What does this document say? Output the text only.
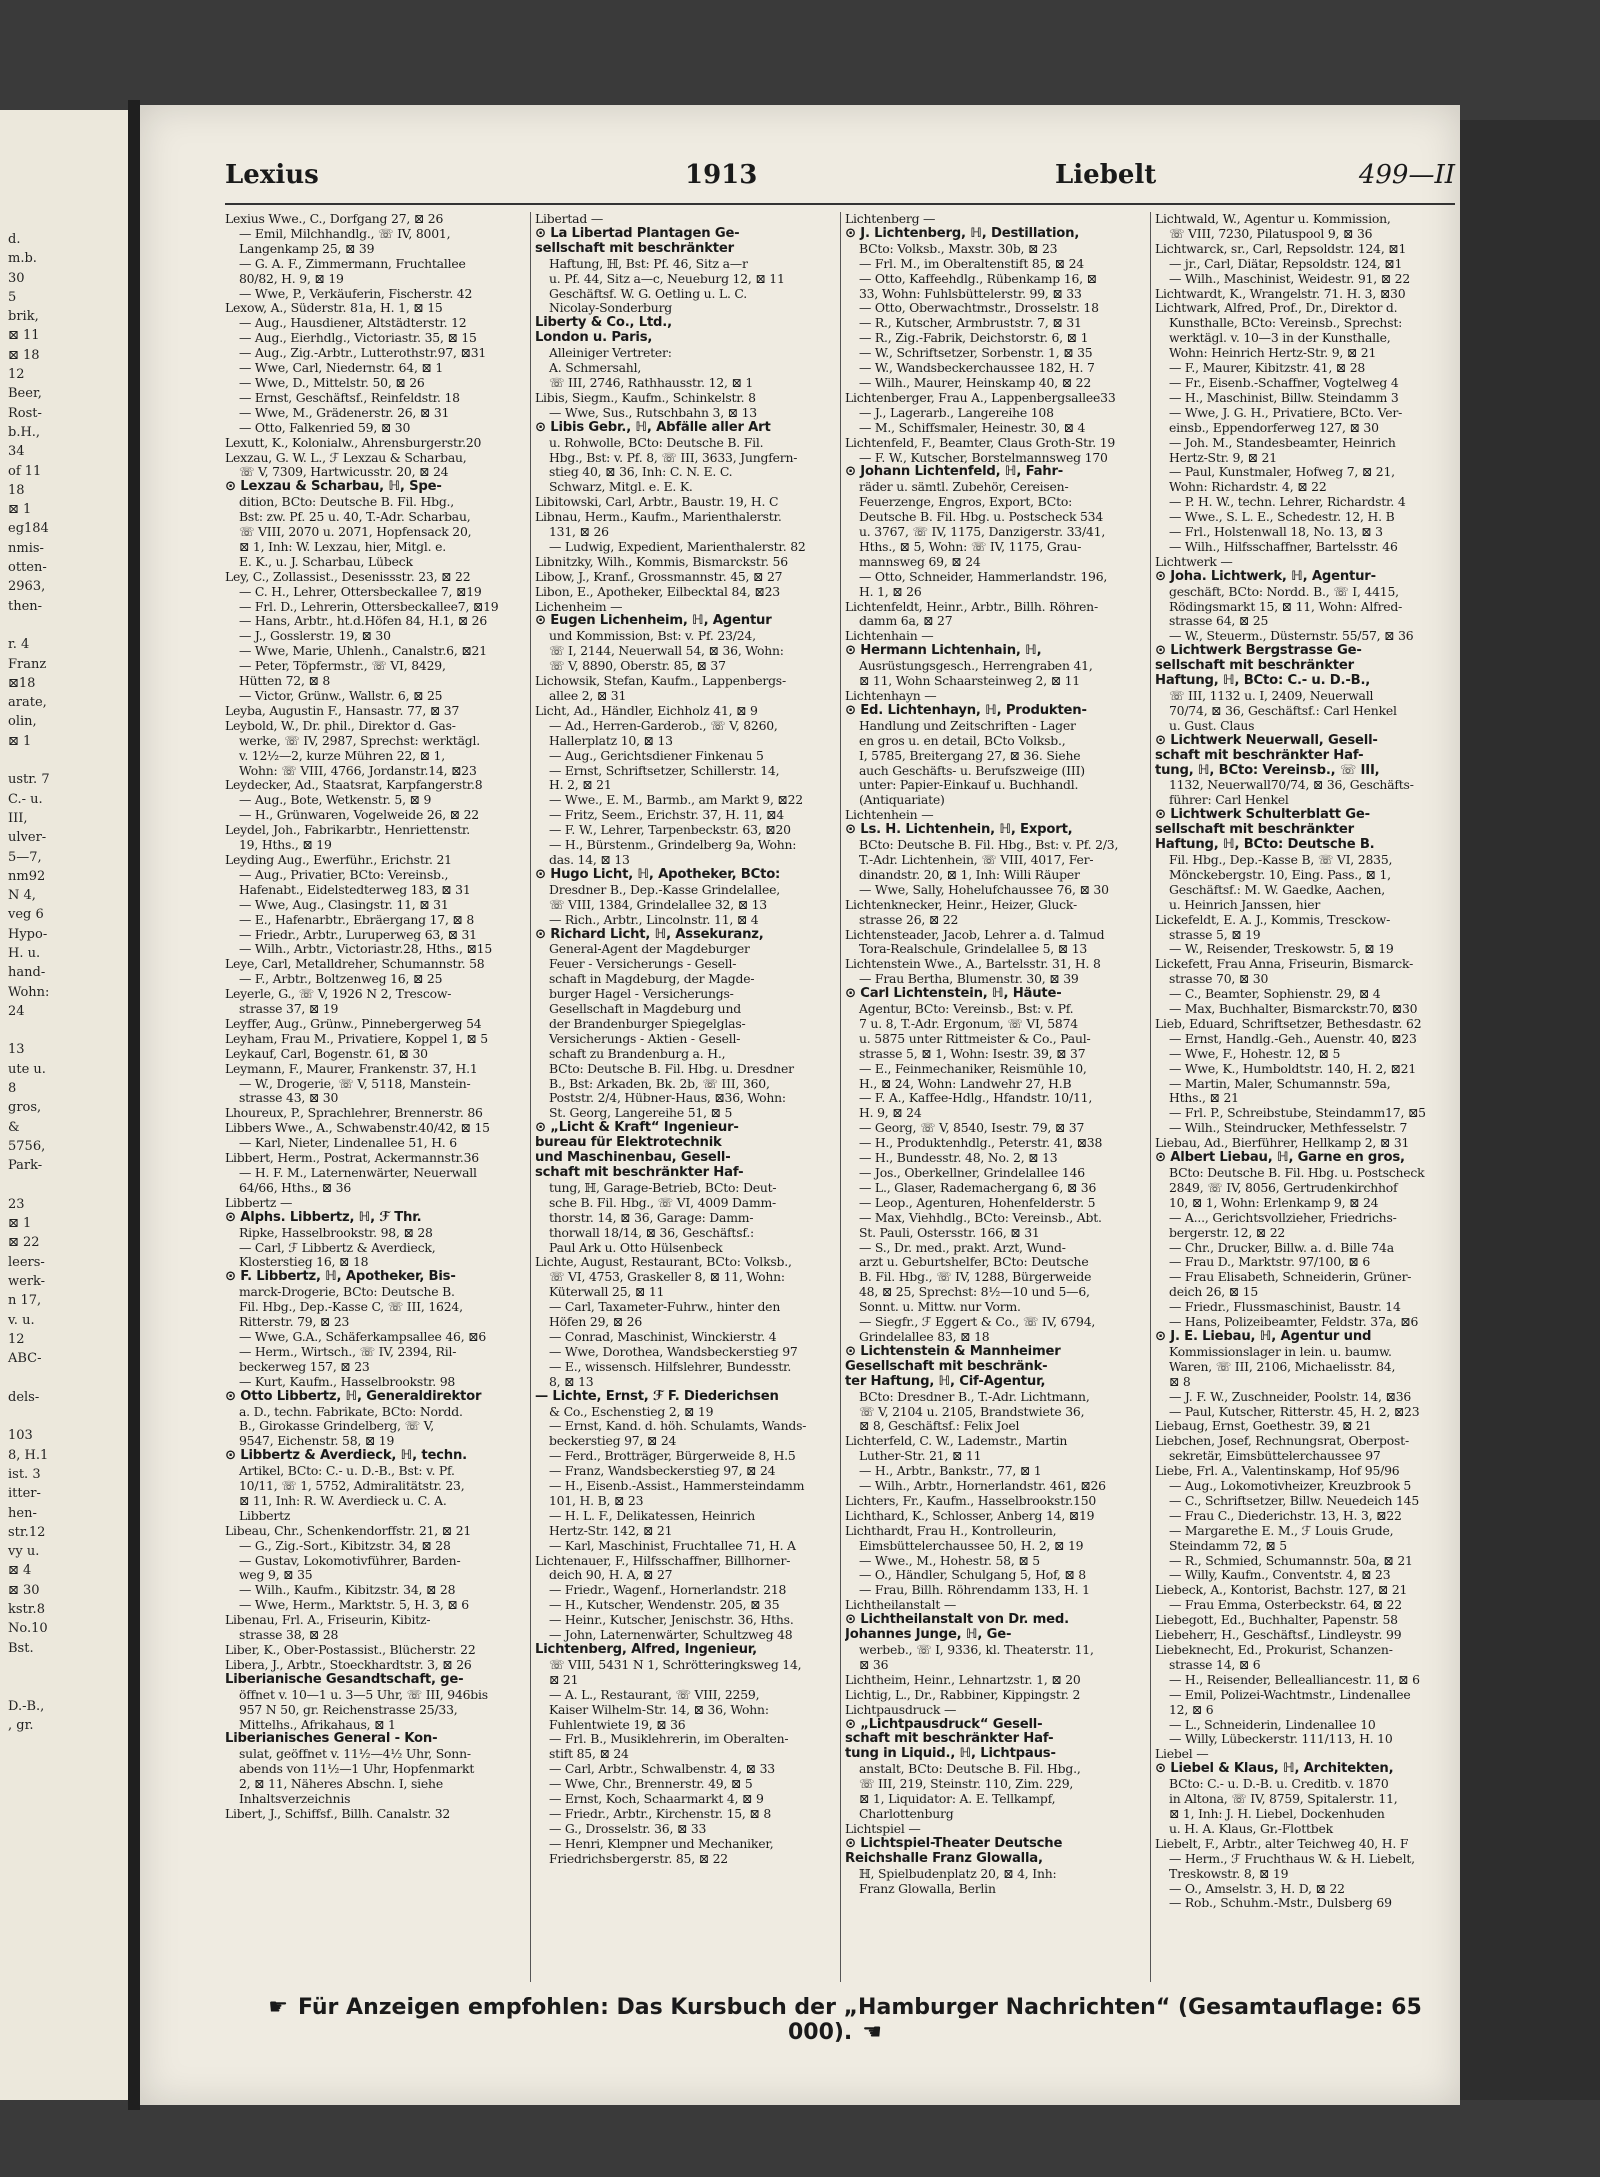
d.
m.b.
30
5
brik,
⊠ 11
⊠ 18
12
Beer,
Rost-
b.H.,
34
of 11
18
⊠ 1
eg184
nmis-
otten-
2963,
then-

r. 4
Franz
⊠18
arate,
olin,
⊠ 1

ustr. 7
C.- u.
III,
ulver-
5—7,
nm92
N 4,
veg 6
Hypo-
H. u.
hand-
Wohn:
24

13
ute u.
8
gros,
&
5756,
Park-

23
⊠ 1
⊠ 22
leers-
werk-
n 17,
v. u.
12
ABC-

dels-

103
8, H.1
ist. 3
itter-
hen-
str.12
vy u.
⊠ 4
⊠ 30
kstr.8
No.10
Bst.

D.-B.,
, gr.
Lexius	1913	Liebelt	499—II
Lexius Wwe., C., Dorfgang 27, ⊠ 26
— Emil, Milchhandlg., ☏ IV, 8001,
Langenkamp 25, ⊠ 39
— G. A. F., Zimmermann, Fruchtallee
80/82, H. 9, ⊠ 19
— Wwe, P., Verkäuferin, Fischerstr. 42
Lexow, A., Süderstr. 81a, H. 1, ⊠ 15
— Aug., Hausdiener, Altstädterstr. 12
— Aug., Eierhdlg., Victoriastr. 35, ⊠ 15
— Aug., Zig.-Arbtr., Lutterothstr.97, ⊠31
— Wwe, Carl, Niedernstr. 64, ⊠ 1
— Wwe, D., Mittelstr. 50, ⊠ 26
— Ernst, Geschäftsf., Reinfeldstr. 18
— Wwe, M., Grädenerstr. 26, ⊠ 31
— Otto, Falkenried 59, ⊠ 30
Lexutt, K., Kolonialw., Ahrensburgerstr.20
Lexzau, G. W. L., ℱ Lexzau & Scharbau,
☏ V, 7309, Hartwicusstr. 20, ⊠ 24
⊙ Lexzau & Scharbau, ℍ, Spe-
dition, BCto: Deutsche B. Fil. Hbg.,
Bst: zw. Pf. 25 u. 40, T.-Adr. Scharbau,
☏ VIII, 2070 u. 2071, Hopfensack 20,
⊠ 1, Inh: W. Lexzau, hier, Mitgl. e.
E. K., u. J. Scharbau, Lübeck
Ley, C., Zollassist., Desenissstr. 23, ⊠ 22
— C. H., Lehrer, Ottersbeckallee 7, ⊠19
— Frl. D., Lehrerin, Ottersbeckallee7, ⊠19
— Hans, Arbtr., ht.d.Höfen 84, H.1, ⊠ 26
— J., Gosslerstr. 19, ⊠ 30
— Wwe, Marie, Uhlenh., Canalstr.6, ⊠21
— Peter, Töpfermstr., ☏ VI, 8429,
Hütten 72, ⊠ 8
— Victor, Grünw., Wallstr. 6, ⊠ 25
Leyba, Augustin F., Hansastr. 77, ⊠ 37
Leybold, W., Dr. phil., Direktor d. Gas-
werke, ☏ IV, 2987, Sprechst: werktägl.
v. 12½—2, kurze Mühren 22, ⊠ 1,
Wohn: ☏ VIII, 4766, Jordanstr.14, ⊠23
Leydecker, Ad., Staatsrat, Karpfangerstr.8
— Aug., Bote, Wetkenstr. 5, ⊠ 9
— H., Grünwaren, Vogelweide 26, ⊠ 22
Leydel, Joh., Fabrikarbtr., Henriettenstr.
19, Hths., ⊠ 19
Leyding Aug., Ewerführ., Erichstr. 21
— Aug., Privatier, BCto: Vereinsb.,
Hafenabt., Eidelstedterweg 183, ⊠ 31
— Wwe, Aug., Clasingstr. 11, ⊠ 31
— E., Hafenarbtr., Ebräergang 17, ⊠ 8
— Friedr., Arbtr., Luruperweg 63, ⊠ 31
— Wilh., Arbtr., Victoriastr.28, Hths., ⊠15
Leye, Carl, Metalldreher, Schumannstr. 58
— F., Arbtr., Boltzenweg 16, ⊠ 25
Leyerle, G., ☏ V, 1926 N 2, Trescow-
strasse 37, ⊠ 19
Leyffer, Aug., Grünw., Pinnebergerweg 54
Leyham, Frau M., Privatiere, Koppel 1, ⊠ 5
Leykauf, Carl, Bogenstr. 61, ⊠ 30
Leymann, F., Maurer, Frankenstr. 37, H.1
— W., Drogerie, ☏ V, 5118, Manstein-
strasse 43, ⊠ 30
Lhoureux, P., Sprachlehrer, Brennerstr. 86
Libbers Wwe., A., Schwabenstr.40/42, ⊠ 15
— Karl, Nieter, Lindenallee 51, H. 6
Libbert, Herm., Postrat, Ackermannstr.36
— H. F. M., Laternenwärter, Neuerwall
64/66, Hths., ⊠ 36
Libbertz —
⊙ Alphs. Libbertz, ℍ, ℱ Thr.
Ripke, Hasselbrookstr. 98, ⊠ 28
— Carl, ℱ Libbertz & Averdieck,
Klosterstieg 16, ⊠ 18
⊙ F. Libbertz, ℍ, Apotheker, Bis-
marck-Drogerie, BCto: Deutsche B.
Fil. Hbg., Dep.-Kasse C, ☏ III, 1624,
Ritterstr. 79, ⊠ 23
— Wwe, G.A., Schäferkampsallee 46, ⊠6
— Herm., Wirtsch., ☏ IV, 2394, Ril-
beckerweg 157, ⊠ 23
— Kurt, Kaufm., Hasselbrookstr. 98
⊙ Otto Libbertz, ℍ, Generaldirektor
a. D., techn. Fabrikate, BCto: Nordd.
B., Girokasse Grindelberg, ☏ V,
9547, Eichenstr. 58, ⊠ 19
⊙ Libbertz & Averdieck, ℍ, techn.
Artikel, BCto: C.- u. D.-B., Bst: v. Pf.
10/11, ☏ 1, 5752, Admiralitätstr. 23,
⊠ 11, Inh: R. W. Averdieck u. C. A.
Libbertz
Libeau, Chr., Schenkendorffstr. 21, ⊠ 21
— G., Zig.-Sort., Kibitzstr. 34, ⊠ 28
— Gustav, Lokomotivführer, Barden-
weg 9, ⊠ 35
— Wilh., Kaufm., Kibitzstr. 34, ⊠ 28
— Wwe, Herm., Marktstr. 5, H. 3, ⊠ 6
Libenau, Frl. A., Friseurin, Kibitz-
strasse 38, ⊠ 28
Liber, K., Ober-Postassist., Blücherstr. 22
Libera, J., Arbtr., Stoeckhardtstr. 3, ⊠ 26
Liberianische Gesandtschaft, ge-
öffnet v. 10—1 u. 3—5 Uhr, ☏ III, 946bis
957 N 50, gr. Reichenstrasse 25/33,
Mittelhs., Afrikahaus, ⊠ 1
Liberianisches General - Kon-
sulat, geöffnet v. 11½—4½ Uhr, Sonn-
abends von 11½—1 Uhr, Hopfenmarkt
2, ⊠ 11, Näheres Abschn. I, siehe
Inhaltsverzeichnis
Libert, J., Schiffsf., Billh. Canalstr. 32
Libertad —
⊙ La Libertad Plantagen Ge-
sellschaft mit beschränkter
Haftung, ℍ, Bst: Pf. 46, Sitz a—r
u. Pf. 44, Sitz a—c, Neueburg 12, ⊠ 11
Geschäftsf. W. G. Oetling u. L. C.
Nicolay-Sonderburg
Liberty & Co., Ltd.,
London u. Paris,
Alleiniger Vertreter:
A. Schmersahl,
☏ III, 2746, Rathhausstr. 12, ⊠ 1
Libis, Siegm., Kaufm., Schinkelstr. 8
— Wwe, Sus., Rutschbahn 3, ⊠ 13
⊙ Libis Gebr., ℍ, Abfälle aller Art
u. Rohwolle, BCto: Deutsche B. Fil.
Hbg., Bst: v. Pf. 8, ☏ III, 3633, Jungfern-
stieg 40, ⊠ 36, Inh: C. N. E. C.
Schwarz, Mitgl. e. E. K.
Libitowski, Carl, Arbtr., Baustr. 19, H. C
Libnau, Herm., Kaufm., Marienthalerstr.
131, ⊠ 26
— Ludwig, Expedient, Marienthalerstr. 82
Libnitzky, Wilh., Kommis, Bismarckstr. 56
Libow, J., Kranf., Grossmannstr. 45, ⊠ 27
Libon, E., Apotheker, Eilbecktal 84, ⊠23
Lichenheim —
⊙ Eugen Lichenheim, ℍ, Agentur
und Kommission, Bst: v. Pf. 23/24,
☏ I, 2144, Neuerwall 54, ⊠ 36, Wohn:
☏ V, 8890, Oberstr. 85, ⊠ 37
Lichowsik, Stefan, Kaufm., Lappenbergs-
allee 2, ⊠ 31
Licht, Ad., Händler, Eichholz 41, ⊠ 9
— Ad., Herren-Garderob., ☏ V, 8260,
Hallerplatz 10, ⊠ 13
— Aug., Gerichtsdiener Finkenau 5
— Ernst, Schriftsetzer, Schillerstr. 14,
H. 2, ⊠ 21
— Wwe., E. M., Barmb., am Markt 9, ⊠22
— Fritz, Seem., Erichstr. 37, H. 11, ⊠4
— F. W., Lehrer, Tarpenbeckstr. 63, ⊠20
— H., Bürstenm., Grindelberg 9a, Wohn:
das. 14, ⊠ 13
⊙ Hugo Licht, ℍ, Apotheker, BCto:
Dresdner B., Dep.-Kasse Grindelallee,
☏ VIII, 1384, Grindelallee 32, ⊠ 13
— Rich., Arbtr., Lincolnstr. 11, ⊠ 4
⊙ Richard Licht, ℍ, Assekuranz,
General-Agent der Magdeburger
Feuer - Versicherungs - Gesell-
schaft in Magdeburg, der Magde-
burger Hagel - Versicherungs-
Gesellschaft in Magdeburg und
der Brandenburger Spiegelglas-
Versicherungs - Aktien - Gesell-
schaft zu Brandenburg a. H.,
BCto: Deutsche B. Fil. Hbg. u. Dresdner
B., Bst: Arkaden, Bk. 2b, ☏ III, 360,
Poststr. 2/4, Hübner-Haus, ⊠36, Wohn:
St. Georg, Langereihe 51, ⊠ 5
⊙ „Licht & Kraft“ Ingenieur-
bureau für Elektrotechnik
und Maschinenbau, Gesell-
schaft mit beschränkter Haf-
tung, ℍ, Garage-Betrieb, BCto: Deut-
sche B. Fil. Hbg., ☏ VI, 4009 Damm-
thorstr. 14, ⊠ 36, Garage: Damm-
thorwall 18/14, ⊠ 36, Geschäftsf.:
Paul Ark u. Otto Hülsenbeck
Lichte, August, Restaurant, BCto: Volksb.,
☏ VI, 4753, Graskeller 8, ⊠ 11, Wohn:
Küterwall 25, ⊠ 11
— Carl, Taxameter-Fuhrw., hinter den
Höfen 29, ⊠ 26
— Conrad, Maschinist, Winckierstr. 4
— Wwe, Dorothea, Wandsbeckerstieg 97
— E., wissensch. Hilfslehrer, Bundesstr.
8, ⊠ 13
— Lichte, Ernst, ℱ F. Diederichsen
& Co., Eschenstieg 2, ⊠ 19
— Ernst, Kand. d. höh. Schulamts, Wands-
beckerstieg 97, ⊠ 24
— Ferd., Brotträger, Bürgerweide 8, H.5
— Franz, Wandsbeckerstieg 97, ⊠ 24
— H., Eisenb.-Assist., Hammersteindamm
101, H. B, ⊠ 23
— H. L. F., Delikatessen, Heinrich
Hertz-Str. 142, ⊠ 21
— Karl, Maschinist, Fruchtallee 71, H. A
Lichtenauer, F., Hilfsschaffner, Billhorner-
deich 90, H. A, ⊠ 27
— Friedr., Wagenf., Hornerlandstr. 218
— H., Kutscher, Wendenstr. 205, ⊠ 35
— Heinr., Kutscher, Jenischstr. 36, Hths.
— John, Laternenwärter, Schultzweg 48
Lichtenberg, Alfred, Ingenieur,
☏ VIII, 5431 N 1, Schrötteringksweg 14,
⊠ 21
— A. L., Restaurant, ☏ VIII, 2259,
Kaiser Wilhelm-Str. 14, ⊠ 36, Wohn:
Fuhlentwiete 19, ⊠ 36
— Frl. B., Musiklehrerin, im Oberalten-
stift 85, ⊠ 24
— Carl, Arbtr., Schwalbenstr. 4, ⊠ 33
— Wwe, Chr., Brennerstr. 49, ⊠ 5
— Ernst, Koch, Schaarmarkt 4, ⊠ 9
— Friedr., Arbtr., Kirchenstr. 15, ⊠ 8
— G., Drosselstr. 36, ⊠ 33
— Henri, Klempner und Mechaniker,
Friedrichsbergerstr. 85, ⊠ 22
Lichtenberg —
⊙ J. Lichtenberg, ℍ, Destillation,
BCto: Volksb., Maxstr. 30b, ⊠ 23
— Frl. M., im Oberaltenstift 85, ⊠ 24
— Otto, Kaffeehdlg., Rübenkamp 16, ⊠
33, Wohn: Fuhlsbüttelerstr. 99, ⊠ 33
— Otto, Oberwachtmstr., Drosselstr. 18
— R., Kutscher, Armbruststr. 7, ⊠ 31
— R., Zig.-Fabrik, Deichstorstr. 6, ⊠ 1
— W., Schriftsetzer, Sorbenstr. 1, ⊠ 35
— W., Wandsbeckerchaussee 182, H. 7
— Wilh., Maurer, Heinskamp 40, ⊠ 22
Lichtenberger, Frau A., Lappenbergsallee33
— J., Lagerarb., Langereihe 108
— M., Schiffsmaler, Heinestr. 30, ⊠ 4
Lichtenfeld, F., Beamter, Claus Groth-Str. 19
— F. W., Kutscher, Borstelmannsweg 170
⊙ Johann Lichtenfeld, ℍ, Fahr-
räder u. sämtl. Zubehör, Cereisen-
Feuerzenge, Engros, Export, BCto:
Deutsche B. Fil. Hbg. u. Postscheck 534
u. 3767, ☏ IV, 1175, Danzigerstr. 33/41,
Hths., ⊠ 5, Wohn: ☏ IV, 1175, Grau-
mannsweg 69, ⊠ 24
— Otto, Schneider, Hammerlandstr. 196,
H. 1, ⊠ 26
Lichtenfeldt, Heinr., Arbtr., Billh. Röhren-
damm 6a, ⊠ 27
Lichtenhain —
⊙ Hermann Lichtenhain, ℍ,
Ausrüstungsgesch., Herrengraben 41,
⊠ 11, Wohn Schaarsteinweg 2, ⊠ 11
Lichtenhayn —
⊙ Ed. Lichtenhayn, ℍ, Produkten-
Handlung und Zeitschriften - Lager
en gros u. en detail, BCto Volksb.,
I, 5785, Breitergang 27, ⊠ 36. Siehe
auch Geschäfts- u. Berufszweige (III)
unter: Papier-Einkauf u. Buchhandl.
(Antiquariate)
Lichtenhein —
⊙ Ls. H. Lichtenhein, ℍ, Export,
BCto: Deutsche B. Fil. Hbg., Bst: v. Pf. 2/3,
T.-Adr. Lichtenhein, ☏ VIII, 4017, Fer-
dinandstr. 20, ⊠ 1, Inh: Willi Räuper
— Wwe, Sally, Hohelufchaussee 76, ⊠ 30
Lichtenknecker, Heinr., Heizer, Gluck-
strasse 26, ⊠ 22
Lichtensteader, Jacob, Lehrer a. d. Talmud
Tora-Realschule, Grindelallee 5, ⊠ 13
Lichtenstein Wwe., A., Bartelsstr. 31, H. 8
— Frau Bertha, Blumenstr. 30, ⊠ 39
⊙ Carl Lichtenstein, ℍ, Häute-
Agentur, BCto: Vereinsb., Bst: v. Pf.
7 u. 8, T.-Adr. Ergonum, ☏ VI, 5874
u. 5875 unter Rittmeister & Co., Paul-
strasse 5, ⊠ 1, Wohn: Isestr. 39, ⊠ 37
— E., Feinmechaniker, Reismühle 10,
H., ⊠ 24, Wohn: Landwehr 27, H.B
— F. A., Kaffee-Hdlg., Hfandstr. 10/11,
H. 9, ⊠ 24
— Georg, ☏ V, 8540, Isestr. 79, ⊠ 37
— H., Produktenhdlg., Peterstr. 41, ⊠38
— H., Bundesstr. 48, No. 2, ⊠ 13
— Jos., Oberkellner, Grindelallee 146
— L., Glaser, Rademachergang 6, ⊠ 36
— Leop., Agenturen, Hohenfelderstr. 5
— Max, Viehhdlg., BCto: Vereinsb., Abt.
St. Pauli, Ostersstr. 166, ⊠ 31
— S., Dr. med., prakt. Arzt, Wund-
arzt u. Geburtshelfer, BCto: Deutsche
B. Fil. Hbg., ☏ IV, 1288, Bürgerweide
48, ⊠ 25, Sprechst: 8½—10 und 5—6,
Sonnt. u. Mittw. nur Vorm.
— Siegfr., ℱ Eggert & Co., ☏ IV, 6794,
Grindelallee 83, ⊠ 18
⊙ Lichtenstein & Mannheimer
Gesellschaft mit beschränk-
ter Haftung, ℍ, Cif-Agentur,
BCto: Dresdner B., T.-Adr. Lichtmann,
☏ V, 2104 u. 2105, Brandstwiete 36,
⊠ 8, Geschäftsf.: Felix Joel
Lichterfeld, C. W., Lademstr., Martin
Luther-Str. 21, ⊠ 11
— H., Arbtr., Bankstr., 77, ⊠ 1
— Wilh., Arbtr., Hornerlandstr. 461, ⊠26
Lichters, Fr., Kaufm., Hasselbrookstr.150
Lichthard, K., Schlosser, Anberg 14, ⊠19
Lichthardt, Frau H., Kontrolleurin,
Eimsbüttelerchaussee 50, H. 2, ⊠ 19
— Wwe., M., Hohestr. 58, ⊠ 5
— O., Händler, Schulgang 5, Hof, ⊠ 8
— Frau, Billh. Röhrendamm 133, H. 1
Lichtheilanstalt —
⊙ Lichtheilanstalt von Dr. med.
Johannes Junge, ℍ, Ge-
werbeb., ☏ I, 9336, kl. Theaterstr. 11,
⊠ 36
Lichtheim, Heinr., Lehnartzstr. 1, ⊠ 20
Lichtig, L., Dr., Rabbiner, Kippingstr. 2
Lichtpausdruck —
⊙ „Lichtpausdruck“ Gesell-
schaft mit beschränkter Haf-
tung in Liquid., ℍ, Lichtpaus-
anstalt, BCto: Deutsche B. Fil. Hbg.,
☏ III, 219, Steinstr. 110, Zim. 229,
⊠ 1, Liquidator: A. E. Tellkampf,
Charlottenburg
Lichtspiel —
⊙ Lichtspiel-Theater Deutsche
Reichshalle Franz Glowalla,
ℍ, Spielbudenplatz 20, ⊠ 4, Inh:
Franz Glowalla, Berlin
Lichtwald, W., Agentur u. Kommission,
☏ VIII, 7230, Pilatuspool 9, ⊠ 36
Lichtwarck, sr., Carl, Repsoldstr. 124, ⊠1
— jr., Carl, Diätar, Repsoldstr. 124, ⊠1
— Wilh., Maschinist, Weidestr. 91, ⊠ 22
Lichtwardt, K., Wrangelstr. 71. H. 3, ⊠30
Lichtwark, Alfred, Prof., Dr., Direktor d.
Kunsthalle, BCto: Vereinsb., Sprechst:
werktägl. v. 10—3 in der Kunsthalle,
Wohn: Heinrich Hertz-Str. 9, ⊠ 21
— F., Maurer, Kibitzstr. 41, ⊠ 28
— Fr., Eisenb.-Schaffner, Vogtelweg 4
— H., Maschinist, Billw. Steindamm 3
— Wwe, J. G. H., Privatiere, BCto. Ver-
einsb., Eppendorferweg 127, ⊠ 30
— Joh. M., Standesbeamter, Heinrich
Hertz-Str. 9, ⊠ 21
— Paul, Kunstmaler, Hofweg 7, ⊠ 21,
Wohn: Richardstr. 4, ⊠ 22
— P. H. W., techn. Lehrer, Richardstr. 4
— Wwe., S. L. E., Schedestr. 12, H. B
— Frl., Holstenwall 18, No. 13, ⊠ 3
— Wilh., Hilfsschaffner, Bartelsstr. 46
Lichtwerk —
⊙ Joha. Lichtwerk, ℍ, Agentur-
geschäft, BCto: Nordd. B., ☏ I, 4415,
Rödingsmarkt 15, ⊠ 11, Wohn: Alfred-
strasse 64, ⊠ 25
— W., Steuerm., Düsternstr. 55/57, ⊠ 36
⊙ Lichtwerk Bergstrasse Ge-
sellschaft mit beschränkter
Haftung, ℍ, BCto: C.- u. D.-B.,
☏ III, 1132 u. I, 2409, Neuerwall
70/74, ⊠ 36, Geschäftsf.: Carl Henkel
u. Gust. Claus
⊙ Lichtwerk Neuerwall, Gesell-
schaft mit beschränkter Haf-
tung, ℍ, BCto: Vereinsb., ☏ III,
1132, Neuerwall70/74, ⊠ 36, Geschäfts-
führer: Carl Henkel
⊙ Lichtwerk Schulterblatt Ge-
sellschaft mit beschränkter
Haftung, ℍ, BCto: Deutsche B.
Fil. Hbg., Dep.-Kasse B, ☏ VI, 2835,
Mönckebergstr. 10, Eing. Pass., ⊠ 1,
Geschäftsf.: M. W. Gaedke, Aachen,
u. Heinrich Janssen, hier
Lickefeldt, E. A. J., Kommis, Tresckow-
strasse 5, ⊠ 19
— W., Reisender, Treskowstr. 5, ⊠ 19
Lickefett, Frau Anna, Friseurin, Bismarck-
strasse 70, ⊠ 30
— C., Beamter, Sophienstr. 29, ⊠ 4
— Max, Buchhalter, Bismarckstr.70, ⊠30
Lieb, Eduard, Schriftsetzer, Bethesdastr. 62
— Ernst, Handlg.-Geh., Auenstr. 40, ⊠23
— Wwe, F., Hohestr. 12, ⊠ 5
— Wwe, K., Humboldtstr. 140, H. 2, ⊠21
— Martin, Maler, Schumannstr. 59a,
Hths., ⊠ 21
— Frl. P., Schreibstube, Steindamm17, ⊠5
— Wilh., Steindrucker, Methfesselstr. 7
Liebau, Ad., Bierführer, Hellkamp 2, ⊠ 31
⊙ Albert Liebau, ℍ, Garne en gros,
BCto: Deutsche B. Fil. Hbg. u. Postscheck
2849, ☏ IV, 8056, Gertrudenkirchhof
10, ⊠ 1, Wohn: Erlenkamp 9, ⊠ 24
— A..., Gerichtsvollzieher, Friedrichs-
bergerstr. 12, ⊠ 22
— Chr., Drucker, Billw. a. d. Bille 74a
— Frau D., Marktstr. 97/100, ⊠ 6
— Frau Elisabeth, Schneiderin, Grüner-
deich 26, ⊠ 15
— Friedr., Flussmaschinist, Baustr. 14
— Hans, Polizeibeamter, Feldstr. 37a, ⊠6
⊙ J. E. Liebau, ℍ, Agentur und
Kommissionslager in lein. u. baumw.
Waren, ☏ III, 2106, Michaelisstr. 84,
⊠ 8
— J. F. W., Zuschneider, Poolstr. 14, ⊠36
— Paul, Kutscher, Ritterstr. 45, H. 2, ⊠23
Liebaug, Ernst, Goethestr. 39, ⊠ 21
Liebchen, Josef, Rechnungsrat, Oberpost-
sekretär, Eimsbüttelerchaussee 97
Liebe, Frl. A., Valentinskamp, Hof 95/96
— Aug., Lokomotivheizer, Kreuzbrook 5
— C., Schriftsetzer, Billw. Neuedeich 145
— Frau C., Diederichstr. 13, H. 3, ⊠22
— Margarethe E. M., ℱ Louis Grude,
Steindamm 72, ⊠ 5
— R., Schmied, Schumannstr. 50a, ⊠ 21
— Willy, Kaufm., Conventstr. 4, ⊠ 23
Liebeck, A., Kontorist, Bachstr. 127, ⊠ 21
— Frau Emma, Osterbeckstr. 64, ⊠ 22
Liebegott, Ed., Buchhalter, Papenstr. 58
Liebeherr, H., Geschäftsf., Lindleystr. 99
Liebeknecht, Ed., Prokurist, Schanzen-
strasse 14, ⊠ 6
— H., Reisender, Bellealliancestr. 11, ⊠ 6
— Emil, Polizei-Wachtmstr., Lindenallee
12, ⊠ 6
— L., Schneiderin, Lindenallee 10
— Willy, Lübeckerstr. 111/113, H. 10
Liebel —
⊙ Liebel & Klaus, ℍ, Architekten,
BCto: C.- u. D.-B. u. Creditb. v. 1870
in Altona, ☏ IV, 8759, Spitalerstr. 11,
⊠ 1, Inh: J. H. Liebel, Dockenhuden
u. H. A. Klaus, Gr.-Flottbek
Liebelt, F., Arbtr., alter Teichweg 40, H. F
— Herm., ℱ Fruchthaus W. & H. Liebelt,
Treskowstr. 8, ⊠ 19
— O., Amselstr. 3, H. D, ⊠ 22
— Rob., Schuhm.-Mstr., Dulsberg 69
☛ Für Anzeigen empfohlen: Das Kursbuch der „Hamburger Nachrichten“ (Gesamtauflage: 65 000). ☚
